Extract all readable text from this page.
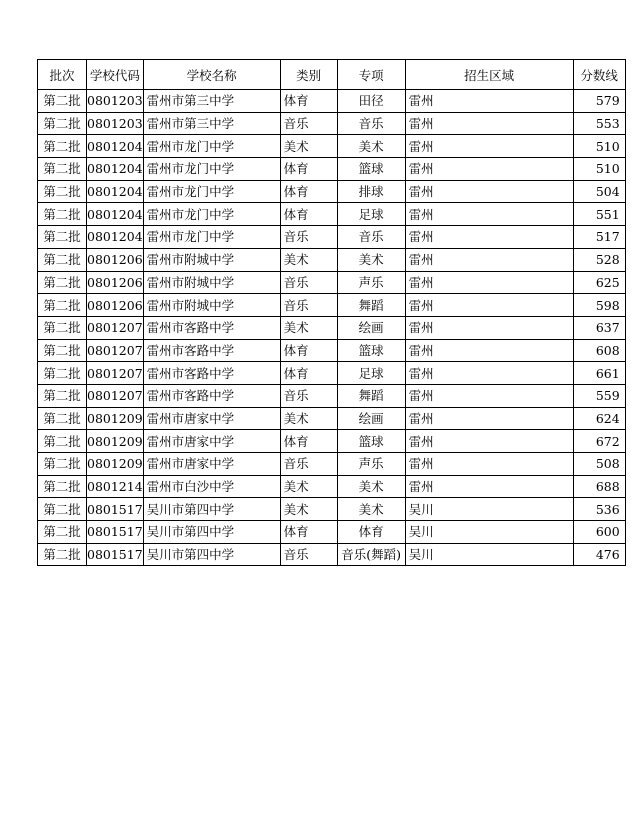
批次	学校代码	学校名称	类别	专项	招生区域	分数线
第二批	0801203	雷州市第三中学	体育	田径	雷州	579
第二批	0801203	雷州市第三中学	音乐	音乐	雷州	553
第二批	0801204	雷州市龙门中学	美术	美术	雷州	510
第二批	0801204	雷州市龙门中学	体育	篮球	雷州	510
第二批	0801204	雷州市龙门中学	体育	排球	雷州	504
第二批	0801204	雷州市龙门中学	体育	足球	雷州	551
第二批	0801204	雷州市龙门中学	音乐	音乐	雷州	517
第二批	0801206	雷州市附城中学	美术	美术	雷州	528
第二批	0801206	雷州市附城中学	音乐	声乐	雷州	625
第二批	0801206	雷州市附城中学	音乐	舞蹈	雷州	598
第二批	0801207	雷州市客路中学	美术	绘画	雷州	637
第二批	0801207	雷州市客路中学	体育	篮球	雷州	608
第二批	0801207	雷州市客路中学	体育	足球	雷州	661
第二批	0801207	雷州市客路中学	音乐	舞蹈	雷州	559
第二批	0801209	雷州市唐家中学	美术	绘画	雷州	624
第二批	0801209	雷州市唐家中学	体育	篮球	雷州	672
第二批	0801209	雷州市唐家中学	音乐	声乐	雷州	508
第二批	0801214	雷州市白沙中学	美术	美术	雷州	688
第二批	0801517	吴川市第四中学	美术	美术	吴川	536
第二批	0801517	吴川市第四中学	体育	体育	吴川	600
第二批	0801517	吴川市第四中学	音乐	音乐(舞蹈)	吴川	476
